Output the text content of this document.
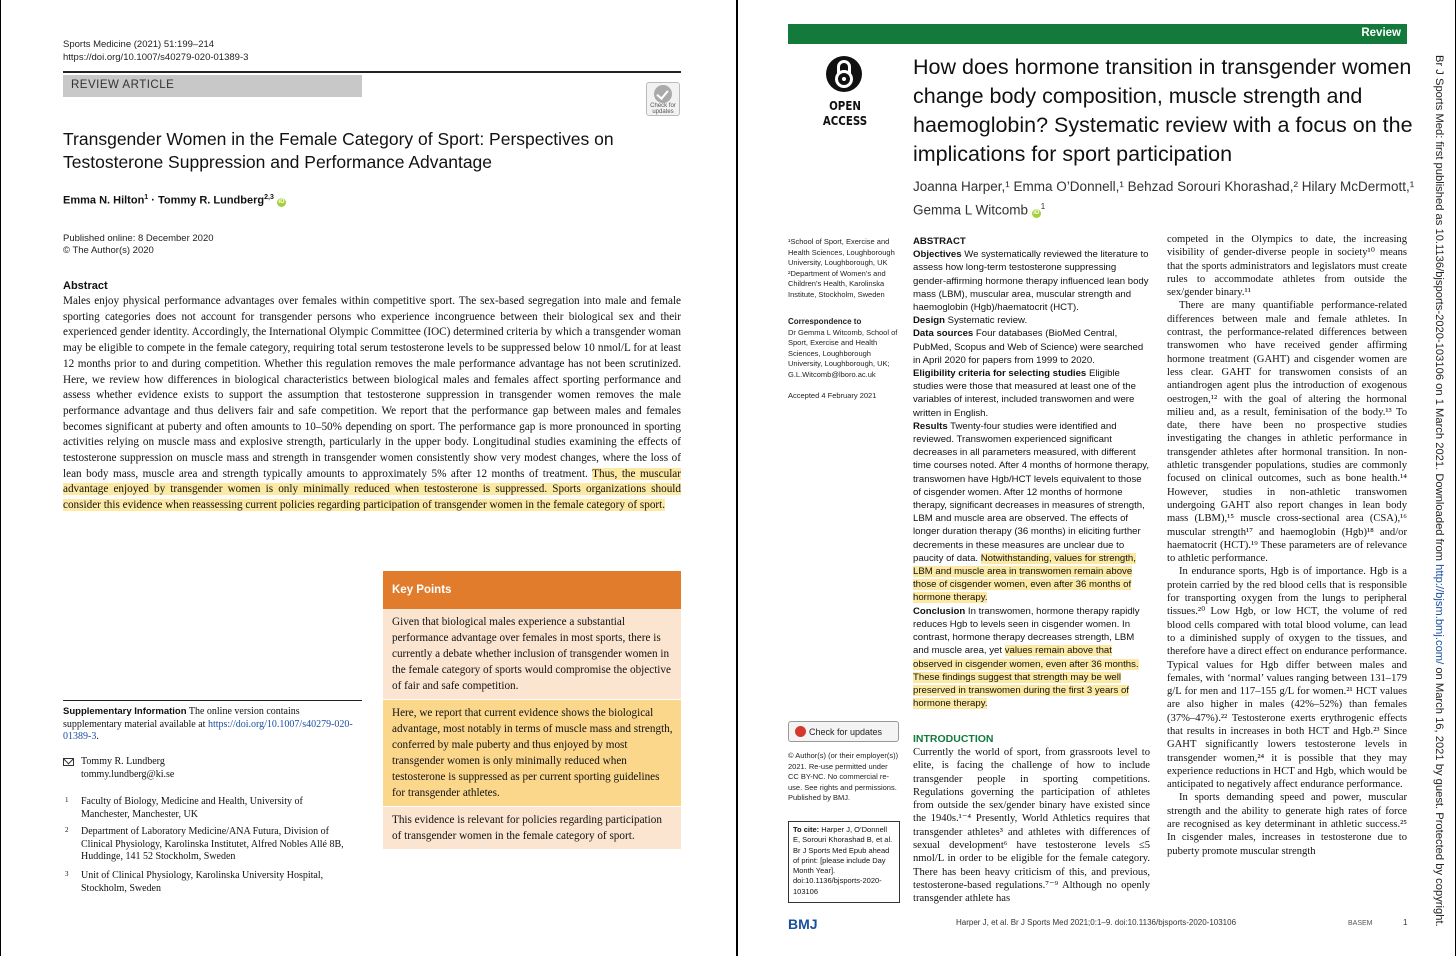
Sports Medicine (2021) 51:199–214
https://doi.org/10.1007/s40279-020-01389-3
REVIEW ARTICLE
Check for
updates
Transgender Women in the Female Category of Sport: Perspectives on Testosterone Suppression and Performance Advantage
Emma N. Hilton$^1$ · Tommy R. Lundberg$^{2,3}$ iD
Published online: 8 December 2020
© The Author(s) 2020
Abstract
Males enjoy physical performance advantages over females within competitive sport. The sex-based segregation into male and female sporting categories does not account for transgender persons who experience incongruence between their biological sex and their experienced gender identity. Accordingly, the International Olympic Committee (IOC) determined criteria by which a transgender woman may be eligible to compete in the female category, requiring total serum testosterone levels to be suppressed below 10 nmol/L for at least 12 months prior to and during competition. Whether this regulation removes the male performance advantage has not been scrutinized. Here, we review how differences in biological characteristics between biological males and females affect sporting performance and assess whether evidence exists to support the assumption that testosterone suppression in transgender women removes the male performance advantage and thus delivers fair and safe competition. We report that the performance gap between males and females becomes significant at puberty and often amounts to 10–50% depending on sport. The performance gap is more pronounced in sporting activities relying on muscle mass and explosive strength, particularly in the upper body. Longitudinal studies examining the effects of testosterone suppression on muscle mass and strength in transgender women consistently show very modest changes, where the loss of lean body mass, muscle area and strength typically amounts to approximately 5% after 12 months of treatment. Thus, the muscular advantage enjoyed by transgender women is only minimally reduced when testosterone is suppressed. Sports organizations should consider this evidence when reassessing current policies regarding participation of transgender women in the female category of sport.
Key Points
Given that biological males experience a substantial performance advantage over females in most sports, there is currently a debate whether inclusion of transgender women in the female category of sports would compromise the objective of fair and safe competition.
Here, we report that current evidence shows the biological advantage, most notably in terms of muscle mass and strength, conferred by male puberty and thus enjoyed by most transgender women is only minimally reduced when testosterone is suppressed as per current sporting guidelines for transgender athletes.
This evidence is relevant for policies regarding participation of transgender women in the female category of sport.
Supplementary Information The online version contains supplementary material available at https://doi.org/10.1007/s40279-020-01389-3.
Tommy R. Lundberg
tommy.lundberg@ki.se
1 Faculty of Biology, Medicine and Health, University of Manchester, Manchester, UK
2 Department of Laboratory Medicine/ANA Futura, Division of Clinical Physiology, Karolinska Institutet, Alfred Nobles Allé 8B, Huddinge, 141 52 Stockholm, Sweden
3 Unit of Clinical Physiology, Karolinska University Hospital, Stockholm, Sweden
Review
OPEN ACCESS
How does hormone transition in transgender women change body composition, muscle strength and haemoglobin? Systematic review with a focus on the implications for sport participation
Joanna Harper,¹ Emma O’Donnell,¹ Behzad Sorouri Khorashad,² Hilary McDermott,¹
Gemma L Witcomb $iD^1$
¹School of Sport, Exercise and Health Sciences, Loughborough University, Loughborough, UK ²Department of Women’s and Children’s Health, Karolinska Institute, Stockholm, Sweden
Correspondence to
Dr Gemma L Witcomb, School of Sport, Exercise and Health Sciences, Loughborough University, Loughborough, UK; G.L.Witcomb@lboro.ac.uk
Accepted 4 February 2021
ABSTRACT
Objectives We systematically reviewed the literature to assess how long-term testosterone suppressing gender-affirming hormone therapy influenced lean body mass (LBM), muscular area, muscular strength and haemoglobin (Hgb)/haematocrit (HCT).
Design Systematic review.
Data sources Four databases (BioMed Central, PubMed, Scopus and Web of Science) were searched in April 2020 for papers from 1999 to 2020.
Eligibility criteria for selecting studies Eligible studies were those that measured at least one of the variables of interest, included transwomen and were written in English.
Results Twenty-four studies were identified and reviewed. Transwomen experienced significant decreases in all parameters measured, with different time courses noted. After 4 months of hormone therapy, transwomen have Hgb/HCT levels equivalent to those of cisgender women. After 12 months of hormone therapy, significant decreases in measures of strength, LBM and muscle area are observed. The effects of longer duration therapy (36 months) in eliciting further decrements in these measures are unclear due to paucity of data. Notwithstanding, values for strength, LBM and muscle area in transwomen remain above those of cisgender women, even after 36 months of hormone therapy.
Conclusion In transwomen, hormone therapy rapidly reduces Hgb to levels seen in cisgender women. In contrast, hormone therapy decreases strength, LBM and muscle area, yet values remain above that observed in cisgender women, even after 36 months. These findings suggest that strength may be well preserved in transwomen during the first 3 years of hormone therapy.
Check for updates
© Author(s) (or their employer(s)) 2021. Re-use permitted under CC BY-NC. No commercial re-use. See rights and permissions. Published by BMJ.
To cite: Harper J, O’Donnell E, Sorouri Khorashad B, et al. Br J Sports Med Epub ahead of print: [please include Day Month Year]. doi:10.1136/bjsports-2020-103106
INTRODUCTION
Currently the world of sport, from grassroots level to elite, is facing the challenge of how to include transgender people in sporting competitions. Regulations governing the participation of athletes from outside the sex/gender binary have existed since the 1940s.¹⁻⁴ Presently, World Athletics requires that transgender athletes³ and athletes with differences of sexual development⁶ have testosterone levels ≤5 nmol/L in order to be eligible for the female category. There has been heavy criticism of this, and previous, testosterone-based regulations.⁷⁻⁹ Although no openly transgender athlete has

competed in the Olympics to date, the increasing visibility of gender-diverse people in society¹⁰ means that the sports administrators and legislators must create rules to accommodate athletes from outside the sex/gender binary.¹¹

There are many quantifiable performance-related differences between male and female athletes. In contrast, the performance-related differences between transwomen who have received gender affirming hormone treatment (GAHT) and cisgender women are less clear. GAHT for transwomen consists of an antiandrogen agent plus the introduction of exogenous oestrogen,¹² with the goal of altering the hormonal milieu and, as a result, feminisation of the body.¹³ To date, there have been no prospective studies investigating the changes in athletic performance in transgender athletes after hormonal transition. In non-athletic transgender populations, studies are commonly focused on clinical outcomes, such as bone health.¹⁴ However, studies in non-athletic transwomen undergoing GAHT also report changes in lean body mass (LBM),¹⁵ muscle cross-sectional area (CSA),¹⁶ muscular strength¹⁷ and haemoglobin (Hgb)¹⁸ and/or haematocrit (HCT).¹⁹ These parameters are of relevance to athletic performance.

In endurance sports, Hgb is of importance. Hgb is a protein carried by the red blood cells that is responsible for transporting oxygen from the lungs to peripheral tissues.²⁰ Low Hgb, or low HCT, the volume of red blood cells compared with total blood volume, can lead to a diminished supply of oxygen to the tissues, and therefore have a direct effect on endurance performance. Typical values for Hgb differ between males and females, with ‘normal’ values ranging between 131–179 g/L for men and 117–155 g/L for women.²¹ HCT values are also higher in males (42%–52%) than females (37%–47%).²² Testosterone exerts erythrogenic effects that results in increases in both HCT and Hgb.²³ Since GAHT significantly lowers testosterone levels in transgender women,²⁴ it is possible that they may experience reductions in HCT and Hgb, which would be anticipated to negatively affect endurance performance.

In sports demanding speed and power, muscular strength and the ability to generate high rates of force are recognised as key determinant in athletic success.²⁵ In cisgender males, increases in testosterone due to puberty promote muscular strength

BMJ	Harper J, et al. Br J Sports Med 2021;0:1–9. doi:10.1136/bjsports-2020-103106	BASEM	1
Br J Sports Med: first published as 10.1136/bjsports-2020-103106 on 1 March 2021. Downloaded from http://bjsm.bmj.com/ on March 16, 2021 by guest. Protected by copyright.
